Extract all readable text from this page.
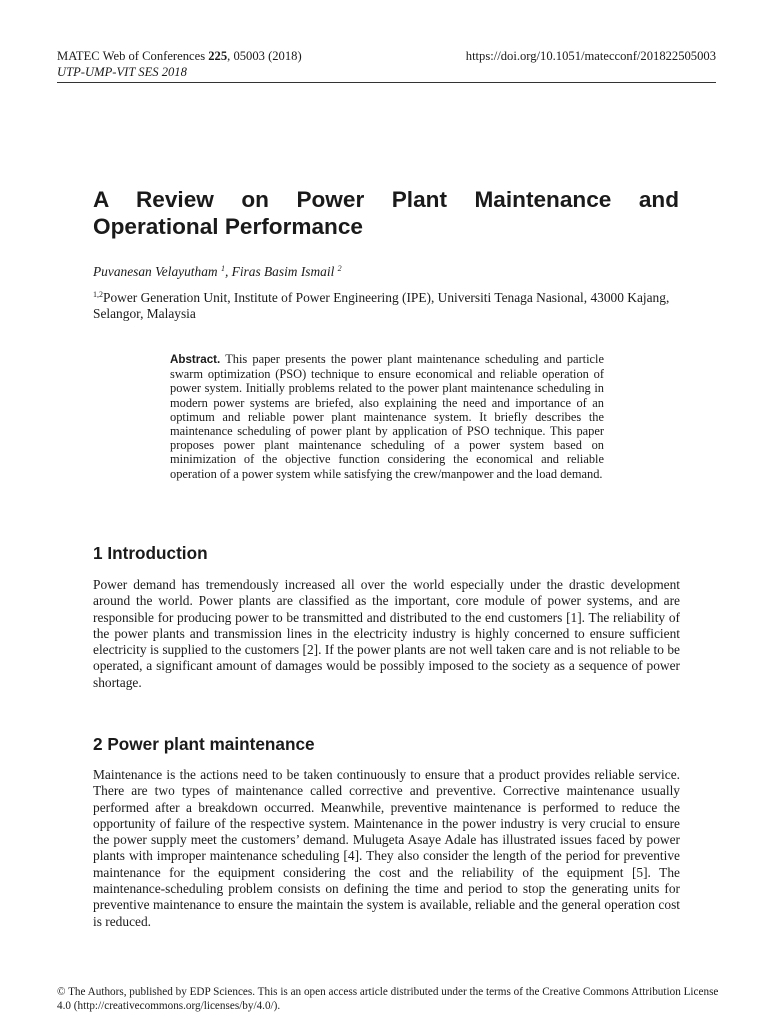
MATEC Web of Conferences 225, 05003 (2018)	https://doi.org/10.1051/matecconf/201822505003
UTP-UMP-VIT SES 2018
A Review on Power Plant Maintenance and Operational Performance

Puvanesan Velayutham $^1$, Firas Basim Ismail $^2$

$^{1,2}$Power Generation Unit, Institute of Power Engineering (IPE), Universiti Tenaga Nasional, 43000 Kajang, Selangor, Malaysia

Abstract. This paper presents the power plant maintenance scheduling and particle swarm optimization (PSO) technique to ensure economical and reliable operation of power system. Initially problems related to the power plant maintenance scheduling in modern power systems are briefed, also explaining the need and importance of an optimum and reliable power plant maintenance system. It briefly describes the maintenance scheduling of power plant by application of PSO technique. This paper proposes power plant maintenance scheduling of a power system based on minimization of the objective function considering the economical and reliable operation of a power system while satisfying the crew/manpower and the load demand.

1 Introduction

Power demand has tremendously increased all over the world especially under the drastic development around the world. Power plants are classified as the important, core module of power systems, and are responsible for producing power to be transmitted and distributed to the end customers [1]. The reliability of the power plants and transmission lines in the electricity industry is highly concerned to ensure sufficient electricity is supplied to the customers [2]. If the power plants are not well taken care and is not reliable to be operated, a significant amount of damages would be possibly imposed to the society as a sequence of power shortage.

2 Power plant maintenance

Maintenance is the actions need to be taken continuously to ensure that a product provides reliable service. There are two types of maintenance called corrective and preventive. Corrective maintenance usually performed after a breakdown occurred. Meanwhile, preventive maintenance is performed to reduce the opportunity of failure of the respective system. Maintenance in the power industry is very crucial to ensure the power supply meet the customers’ demand. Mulugeta Asaye Adale has illustrated issues faced by power plants with improper maintenance scheduling [4]. They also consider the length of the period for preventive maintenance for the equipment considering the cost and the reliability of the equipment [5]. The maintenance-scheduling problem consists on defining the time and period to stop the generating units for preventive maintenance to ensure the maintain the system is available, reliable and the general operation cost is reduced.

© The Authors, published by EDP Sciences. This is an open access article distributed under the terms of the Creative Commons Attribution License 4.0 (http://creativecommons.org/licenses/by/4.0/).
